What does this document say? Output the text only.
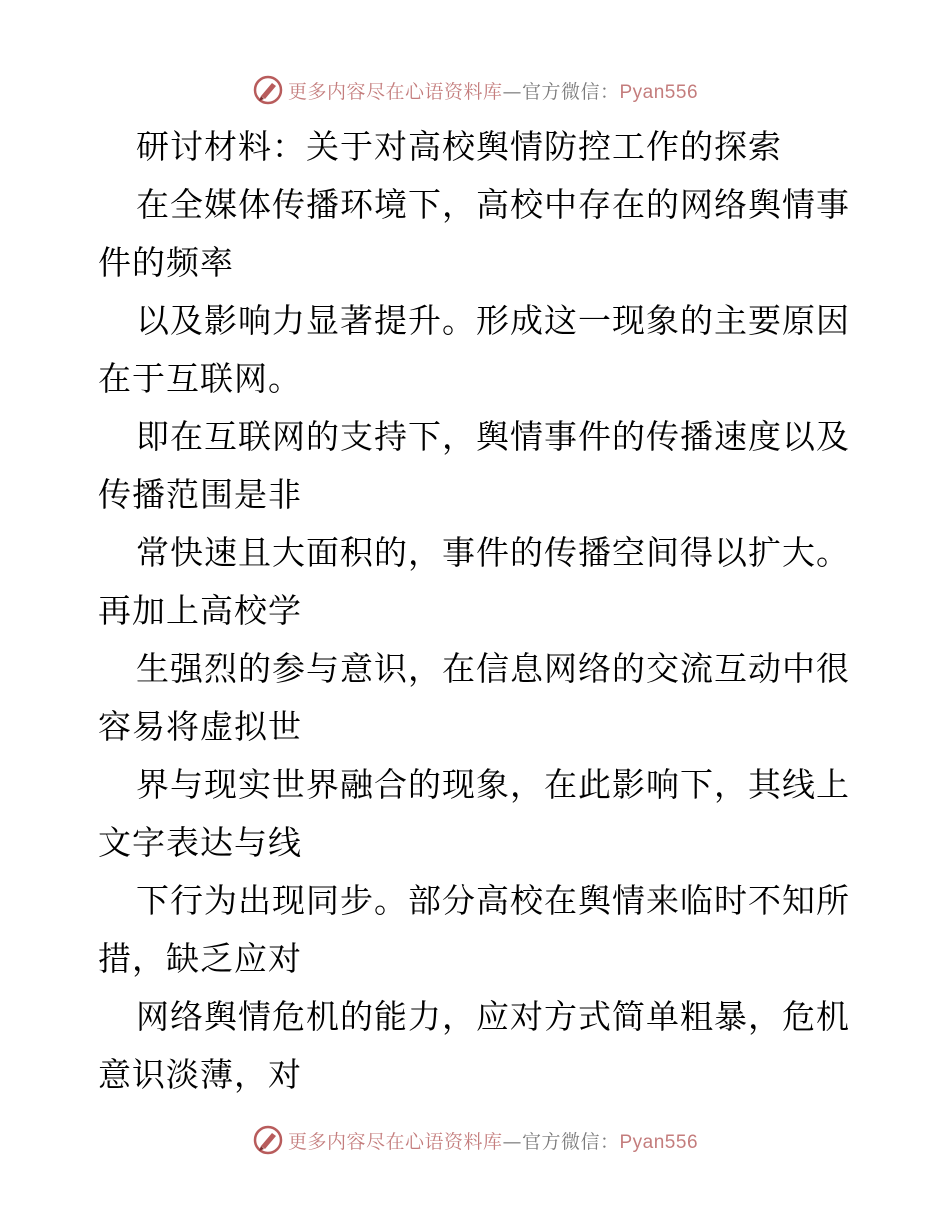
更多内容尽在心语资料库—官方微信：Pyan556
研讨材料：关于对高校舆情防控工作的探索
在全媒体传播环境下，高校中存在的网络舆情事
件的频率
以及影响力显著提升。形成这一现象的主要原因
在于互联网。
即在互联网的支持下，舆情事件的传播速度以及
传播范围是非
常快速且大面积的，事件的传播空间得以扩大。
再加上高校学
生强烈的参与意识，在信息网络的交流互动中很
容易将虚拟世
界与现实世界融合的现象，在此影响下，其线上
文字表达与线
下行为出现同步。部分高校在舆情来临时不知所
措，缺乏应对
网络舆情危机的能力，应对方式简单粗暴，危机
意识淡薄，对
更多内容尽在心语资料库—官方微信：Pyan556
